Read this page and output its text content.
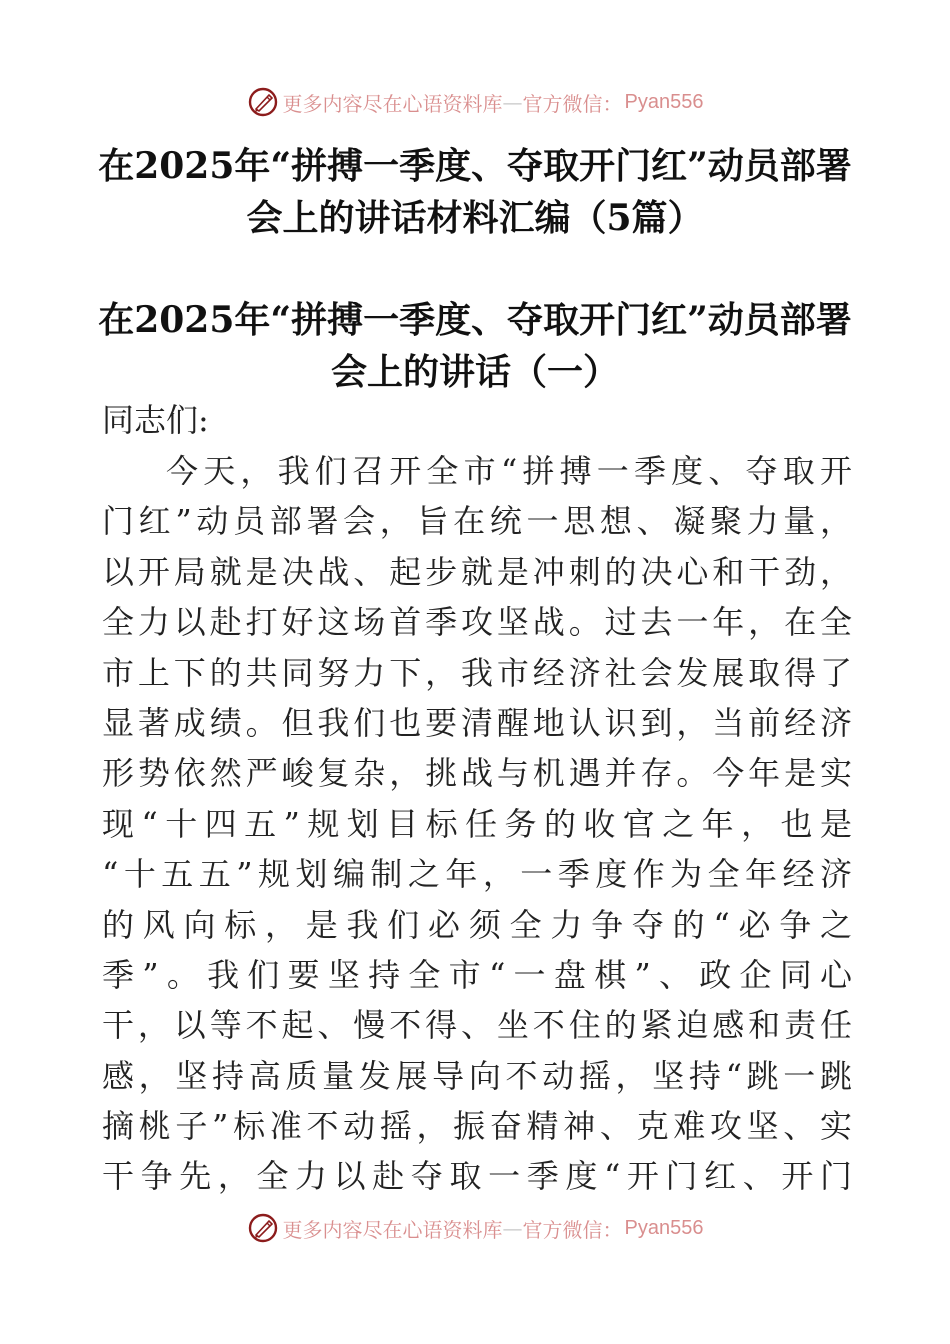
更多内容尽在心语资料库 — 官方微信： Pyan556
在2025年“拼搏一季度、夺取开门红”动员部署
会上的讲话材料汇编（5篇）
在2025年“拼搏一季度、夺取开门红”动员部署
会上的讲话（一）
同志们:
今天，我们召开全市“拼搏一季度、夺取开
门红”动员部署会，旨在统一思想、凝聚力量，
以开局就是决战、起步就是冲刺的决心和干劲，
全力以赴打好这场首季攻坚战。过去一年，在全
市上下的共同努力下，我市经济社会发展取得了
显著成绩。但我们也要清醒地认识到，当前经济
形势依然严峻复杂，挑战与机遇并存。今年是实
现“十四五”规划目标任务的收官之年，也是
“十五五”规划编制之年，一季度作为全年经济
的风向标，是我们必须全力争夺的“必争之
季”。我们要坚持全市“一盘棋”、政企同心
干，以等不起、慢不得、坐不住的紧迫感和责任
感，坚持高质量发展导向不动摇，坚持“跳一跳
摘桃子”标准不动摇，振奋精神、克难攻坚、实
干争先，全力以赴夺取一季度“开门红、开门
更多内容尽在心语资料库 — 官方微信： Pyan556
